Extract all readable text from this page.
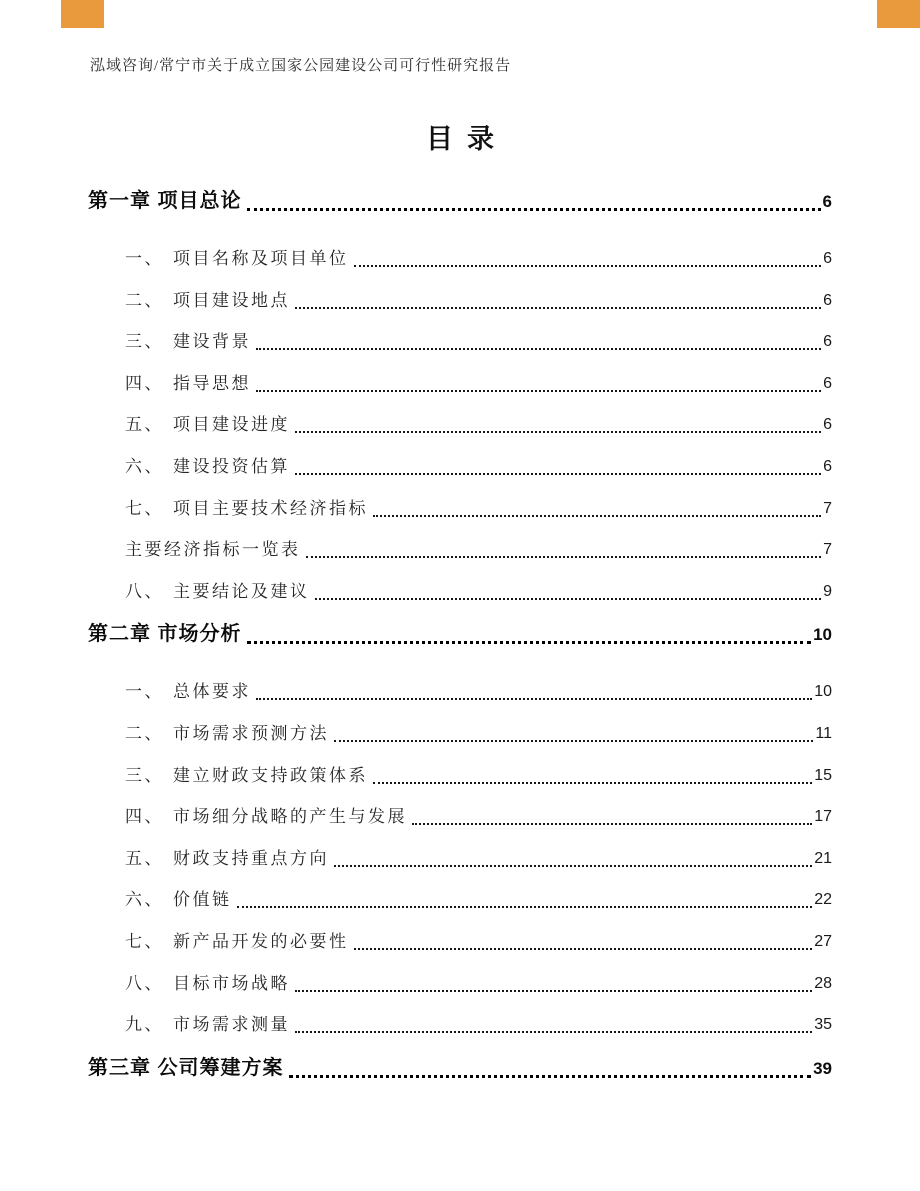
泓域咨询/常宁市关于成立国家公园建设公司可行性研究报告
目录
第一章 项目总论	6
一、 项目名称及项目单位	6
二、 项目建设地点	6
三、 建设背景	6
四、 指导思想	6
五、 项目建设进度	6
六、 建设投资估算	6
七、 项目主要技术经济指标	7
主要经济指标一览表	7
八、 主要结论及建议	9
第二章 市场分析	10
一、 总体要求	10
二、 市场需求预测方法	11
三、 建立财政支持政策体系	15
四、 市场细分战略的产生与发展	17
五、 财政支持重点方向	21
六、 价值链	22
七、 新产品开发的必要性	27
八、 目标市场战略	28
九、 市场需求测量	35
第三章 公司筹建方案	39
